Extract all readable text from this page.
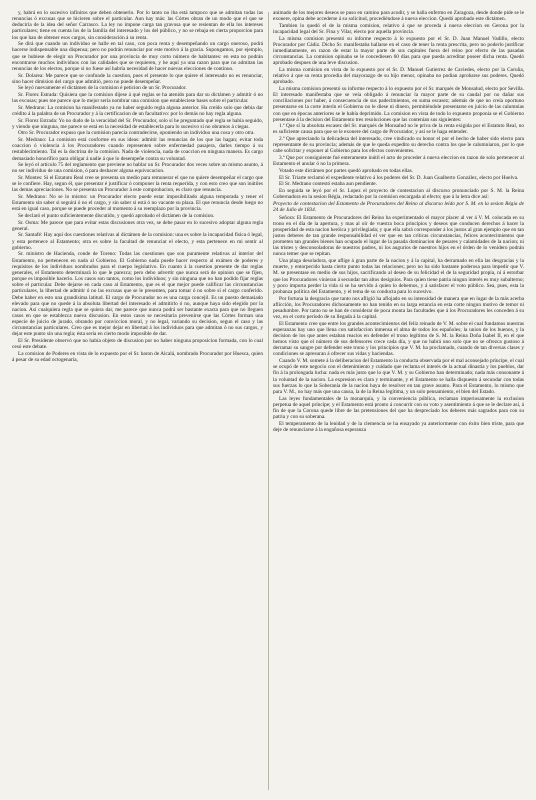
y, habrá en lo sucesivo infinitos que deben obtenerlo. Por lo tanto no iba está tampoco que se admitan todas las renuncias ó excusas que se hicieren sobre el particular. Aun hay más: las Córtes obran de un modo que el que se deduciría de la idea del señor Carrasco. La ley no impone carga tan gravosa que se resientan de ella los intereses particulares; tiene en cuenta los de la familia del interesado y los del público, y no se rebaja en cierta proporcion para los que han de obtener esos cargos, sin consideración á su renta.

Se dirá que cuando un individuo se halle en tal caso, con poca renta y desempeñando un cargo oneroso, podrá hacerse indispensable una dispensa; pero no podrán renunciar por este motivo á la gracia. Supongamos, por ejemplo, que se hubiese de elegir un Procurador por una provincia de muy corto número de habitantes: en esta no podrán encontrarse muchos individuos con las calidades que se requieren, y he aquí ya una razon para que no admitan las renuncias de los electos, porque si no fuese así habría necesidad de hacer nuevas elecciones de continuo.

Sr. Dolarea: Me parece que se confunde la cuestion, pues el presente lo que quiere el interesado no es renunciar, sino hacer dimision del cargo que admitió, pero no puede desempeñar.

Se leyó nuevamente el dictámen de la comision é peticion de un Sr. Procurador.

Sr. Florez Estrada: Quisiera que la comision dijese á qué reglas se ha atenido para dar su dictámen y admitir ó no las excusas; pues me parece que lo mejor sería nombrar una comision que estableciese bases sobre el particular.

Sr. Medrano: La comision ha manifestado ya no haber seguido regla alguna anterior. Ha creído solo que debia dar crédito á la palabra de un Procurador y á la certificacion de un facultativo: por lo demás no hay regla alguna.

Sr. Florez Estrada: Yo no dudo de la veracidad del Sr. Procurador, solo sí he preguntado qué regla se había seguido, y viendo que ninguna, me parece se está en la necesidad de establecerla para lo sucesivo si no obramos á ciegas.

Otro Sr. Procurador expuso que la comision parecia contradecirse, oponiendo un individuo una cosa y otro otra.

Sr. Medrano: La comision está conforme en sus ideas: admitir las renuncias de los que las hagan; evitar toda coaccion ó violencia á los Procuradores cuando representen sobre enfermedad pasajera, darles tiempo á su restablecimiento. Tal es la doctrina de la comision. Nada de violencia, nada de coaccion en ninguna manera. Es cargo demasiado honorífico para obligar á nadie á que lo desempeñe contra su voluntad.

Se leyó el artículo 75 del reglamento que previene no hablar un Sr. Procurador dos veces sobre un mismo asunto, á no ser individuo de una comision, ó para deshacer alguna equivocacion.

Sr. Montes: Si el Estatuto Real cree se presenta un medio para remunerar el que no quiere desempeñar el cargo que se le confiere. Hay, segun él, que presentar é justificar ó componer la renta requerida, y con esto creo que son inútiles las demas apreciaciones. No se presenta un Procurador á este comprobacion, es claro que renuncia.

Sr. Medrano: No se lo mismo: un Procurador electo puede estar imposibilitado alguna temporada y tener el Estamento sin saber si seguirá ó no el cargo, y sin saber si está ó no vacante su plaza. El que renuncia desde luego no está en igual caso, porque se puede proceder al momento á su reemplazo por la provincia.

Se declaró el punto suficientemente discutido, y quedó aprobado el dictámen de la comision.

Sr. Osma: Me parece que para evitar estas discusiones otra vez, se debe pasar en lo sucesivo adoptar alguna regla general.

Sr. Santafé: Hay aquí dos cuestiones relativas al dictámen de la comision: una es sobre la incapacidad física ó legal, y esta pertenece al Estamento; otra es sobre la facultad de renunciar el electo, y esta pertenece en mi sentir al gobierno.

Sr. ministro de Hacienda, conde de Toreno: Todas las cuestiones que son puramente relativas al interior del Estamento, no pertenecen en nada al Gobierno. El Gobierno nada puede hacer respecto al exámen de poderes y requisitos de los individuos nombrados para el cuerpo legislativo. En cuanto á la cuestion presente de dar reglas generales, el Estamento determinará lo que le parezca; pero debo advertir que nunca será de opinion que se fijen, porque es imposible hacerlo. Los casos son tantos, como los individuos; y sin ninguna que no han podido fijar reglas sobre el particular. Debe dejarse en cada caso al Estamento, que es el que mejor puede calificar las circunstancias particulares, la libertad de admitir ó no las excusas que se le presenten, para tomar ó no sobre sí el cargo conferido. Debe haber en esto una grandísima latitud. El cargo de Procurador no es una carga concejil. Es un puesto demasiado elevado para que no quede á la absoluta libertad del interesado el admitirlo ó no, aunque haya sido elegido por la nacion. Así cualquiera regla que se quiera dar, me parece que nunca podrá ser bastante exacta para que no lleguen casos en que se establezca nueva discusion. En estos casos se necesitaria prevenirse que las Córtes forman una especie de juicio de jurado, obrando por conviccion moral, y no legal, variando su decision, segun el caso y las circunstancias particulares. Creo que es mejor dejar en libertad á los individuos para que admitan ó no sus cargos, y dejar este punto sin una regla; ésta sería en cierto modo imposible de dar.

El Sr. Presidente observó que no había objeto de discusion por no haber ninguna proposicion formada, con lo cual cesó este debate.

La comision de Poderes en vista de lo expuesto por el Sr. baron de Alcalá, nombrado Procurador por Huesca, quien á pesar de su edad octogenaria,

animado de los mejores deseos se puso en camino para acudir, y se halla enfermo en Zaragoza, desde donde pide se le exonere, opina debe accederse á su solicitud, procediéndose á nueva eleccion. Quedó aprobado este dictámen.

Tambien lo quedó el de la misma comision, relativo á que se proceda á nueva eleccion en Gerona por la incapacidad legal del Sr. Fina y Vilar, electo por aquella provincia.

La misma comision presentó su informe respecto á lo expuesto por el Sr. D. Juan Manuel Vadillo, electo Procurador por Cádiz. Dicho Sr. manifestaba hallarse en el caso de tener la renta prescrita, pero no poderlo justificar inmediatamente, en razon de estar la mayor parte de sus capitales fuera del reino por efecto de las pasadas circunstancias. La comision opinaba se le concediesen 60 días para que pueda acreditar poseer dicha renta. Quedó aprobado despues de una leve discusion.

La misma comision en vista de lo expuesto por el Sr. D. Manuel Gutierrez de Caviedes, electo por la Coruña, relativo á que su renta procedia del mayorazgo de su hijo menor, opinaba no podian aprobarse sus poderes. Quedó aprobado.

La misma comision presentó su informe respecto á lo expuesto por el Sr. marqués de Monsalud, electo por Sevilla. El interesado manifestaba que se veía obligado á renunciar la mayor parte de su caudal por no dañar sus conciliaciones por haber, á consecuencia de sus padecimientos, en suma escasez; además de que no creía oportuno presentarse en la corte interín el Gobierno no le diese ni dinero, permitiéndole presentarse en juicio de las calumnias con que en épocas anteriores se le había deprimido. La comision en vista de todo lo expuesto proponia se el Gobierno presentase á la decision del Estamento tres resoluciones que las contenian sus siguientes:

1.ª Que sí la absoluta escasez del Sr. marqués de Monsalud no le priva de la renta exigida por el Estatuto Real, no es suficiente causa para que se le exonere del cargo de Procurador, y así se le haga entender.

2.ª Que apreciando la delicadeza del interesado, cree vindicado su honor el por el hecho de haber sido electo para representante de su provincia; además de que le queda expedito su derecho contra los que le calumniaron, por lo que cabe solicitar y exponer al Gobierno para los efectos convenientes.

3.ª Que por consiguiente fué enteramente inútil el acto de proceder á nueva eleccion en razon de solo pertenecer al Estamento el anular ó no la primera.

Votado este dictámen por partes quedó aprobado en todas ellas.

El Sr. Triarte reclamó el expediente relativo á los poderes del Sr. D. Juan Gualberto González, electo por Huelva.

El Sr. Medrano contestó estaba aun pendiente.

En seguida se leyó por el Sr. Lopez el proyecto de contestacion al discurso pronunciado por S. M. la Reina Gobernadora en la sesion Régia, redactado por la comision encargada al efecto; que á la letra dice así:

Proyecto de contestacion del Estamento de Procuradores del Reino al discurso leído por S. M. en la sesion Régia de 24 de Julio de 1834.

Señora: El Estamento de Procuradores del Reino ha experimentado el mayor placer al ver á V. M. colocada en su trono en el día de la apertura, y mas al oír de vuestra boca principios y deseos que conducen derechos á hacer la prosperidad de esta nacion heróica y privilegiada; y que ella sabrá corresponder á los justos al gran ejemplo que en tan justos deberes de tan grande responsabilidad el ver que en tan críticas circunstancias, felices acontecimientos que prometen tan grandes bienes han ocupado el lugar de la pasada dominacion de pesares y calamidades de la nacion; ni las tristes y desconsoladoras de nuestros padres, ni los augurios de nuestros hijos en el órden de lo venidero podrán nunca temer que se repitan.

Una plaga desoladora, que aflige á gran parte de la nacion y á la capital, ha derramado en ella las desgracias y la muerte, y entorpecido hasta cierto punto todas las relaciones; pero no ha sido bastante poderosa para impedir que V. M. se presentase en medio de sus hijos, sacrificando al deseo de su felicidad el de la seguridad propia, ni á estorbar que los Procuradores vinieran á secundar tan altos designios. Para quien tiene patria ningun interés es muy subalterno; y poco importa perder la vida si se ha servido á quien lo debemos, y á satisfacer el voto público. Sea, pues, esta la probanza política del Estamento, y el tema de su conducta para lo sucesivo.

Por fortuna la desgracia que tanto nos afligió ha aflojado en su intensidad de manera que en lugar de la más acerba aflicción, los Procuradores dichosamente no han tenido en su larga estancia en esta corte ningun motivo de temor ni pesadumbre. Por tanto no se han de considerar de poca monta las facultades que á los Procuradores les conceden á su vez, en el corto período de su llegada á la capital.

El Estamento cree que entre los grandes acontecimientos del feliz reinado de V. M. sobre el cual fundamos nuestras esperanzas hay uno que llena con satisfaccion inmensa el alma de todos los españoles; la union de los buenos, y la decision de los que antes estaban reacios en defender el trono legítimo de S. M. la Reina Doña Isabel II, en el que hemos visto que el número de sus defensores crece cada día, y que no habrá uno solo que no se ofrezca gustoso á derramar su sangre por defender este trono y los principios que V. M. ha proclamado, cuando de tan diversas clases y condiciones se apresuran á ofrecer sus vidas y haciendas.

Cuando V. M. somete á la deliberacion del Estamento la conducta observada por el mal aconsejado príncipe, el cual se ocupó de este negocio con el detenimiento y cuidado que reclama el interés de la actual dinastía y los pueblos, dar fin á la prolongada lucha: nada es más justo que lo que V. M. y su Gobierno han determinado; nada más consonante á la voluntad de la nacion. La expresion es clara y terminante, y el Estamento se halla dispuesto á secundar con todas sus fuerzas lo que la Soberanía de la nacion haya de resolver en tan grave asunto. Para el Estamento, lo mismo que para V. M., no hay más que una causa, la de la Reina legítima, y un solo pensamiento, el bien del Estado.

Las leyes fundamentales de la monarquía, y la conveniencia pública, reclaman imperiosamente la exclusion perpetua de aquel príncipe; y el Estamento está pronto á concurrir con su voto y asentimiento á que se le declare así, á fin de que la Corona quede libre de las pretensiones del que ha despreciado los deberes más sagrados para con su patria y con su soberana.

El temperamento de la lenidad y de la clemencia se ha ensayado ya anteriormente con éxito bien triste, para que deje de renunciarse á la engañosa esperanza
